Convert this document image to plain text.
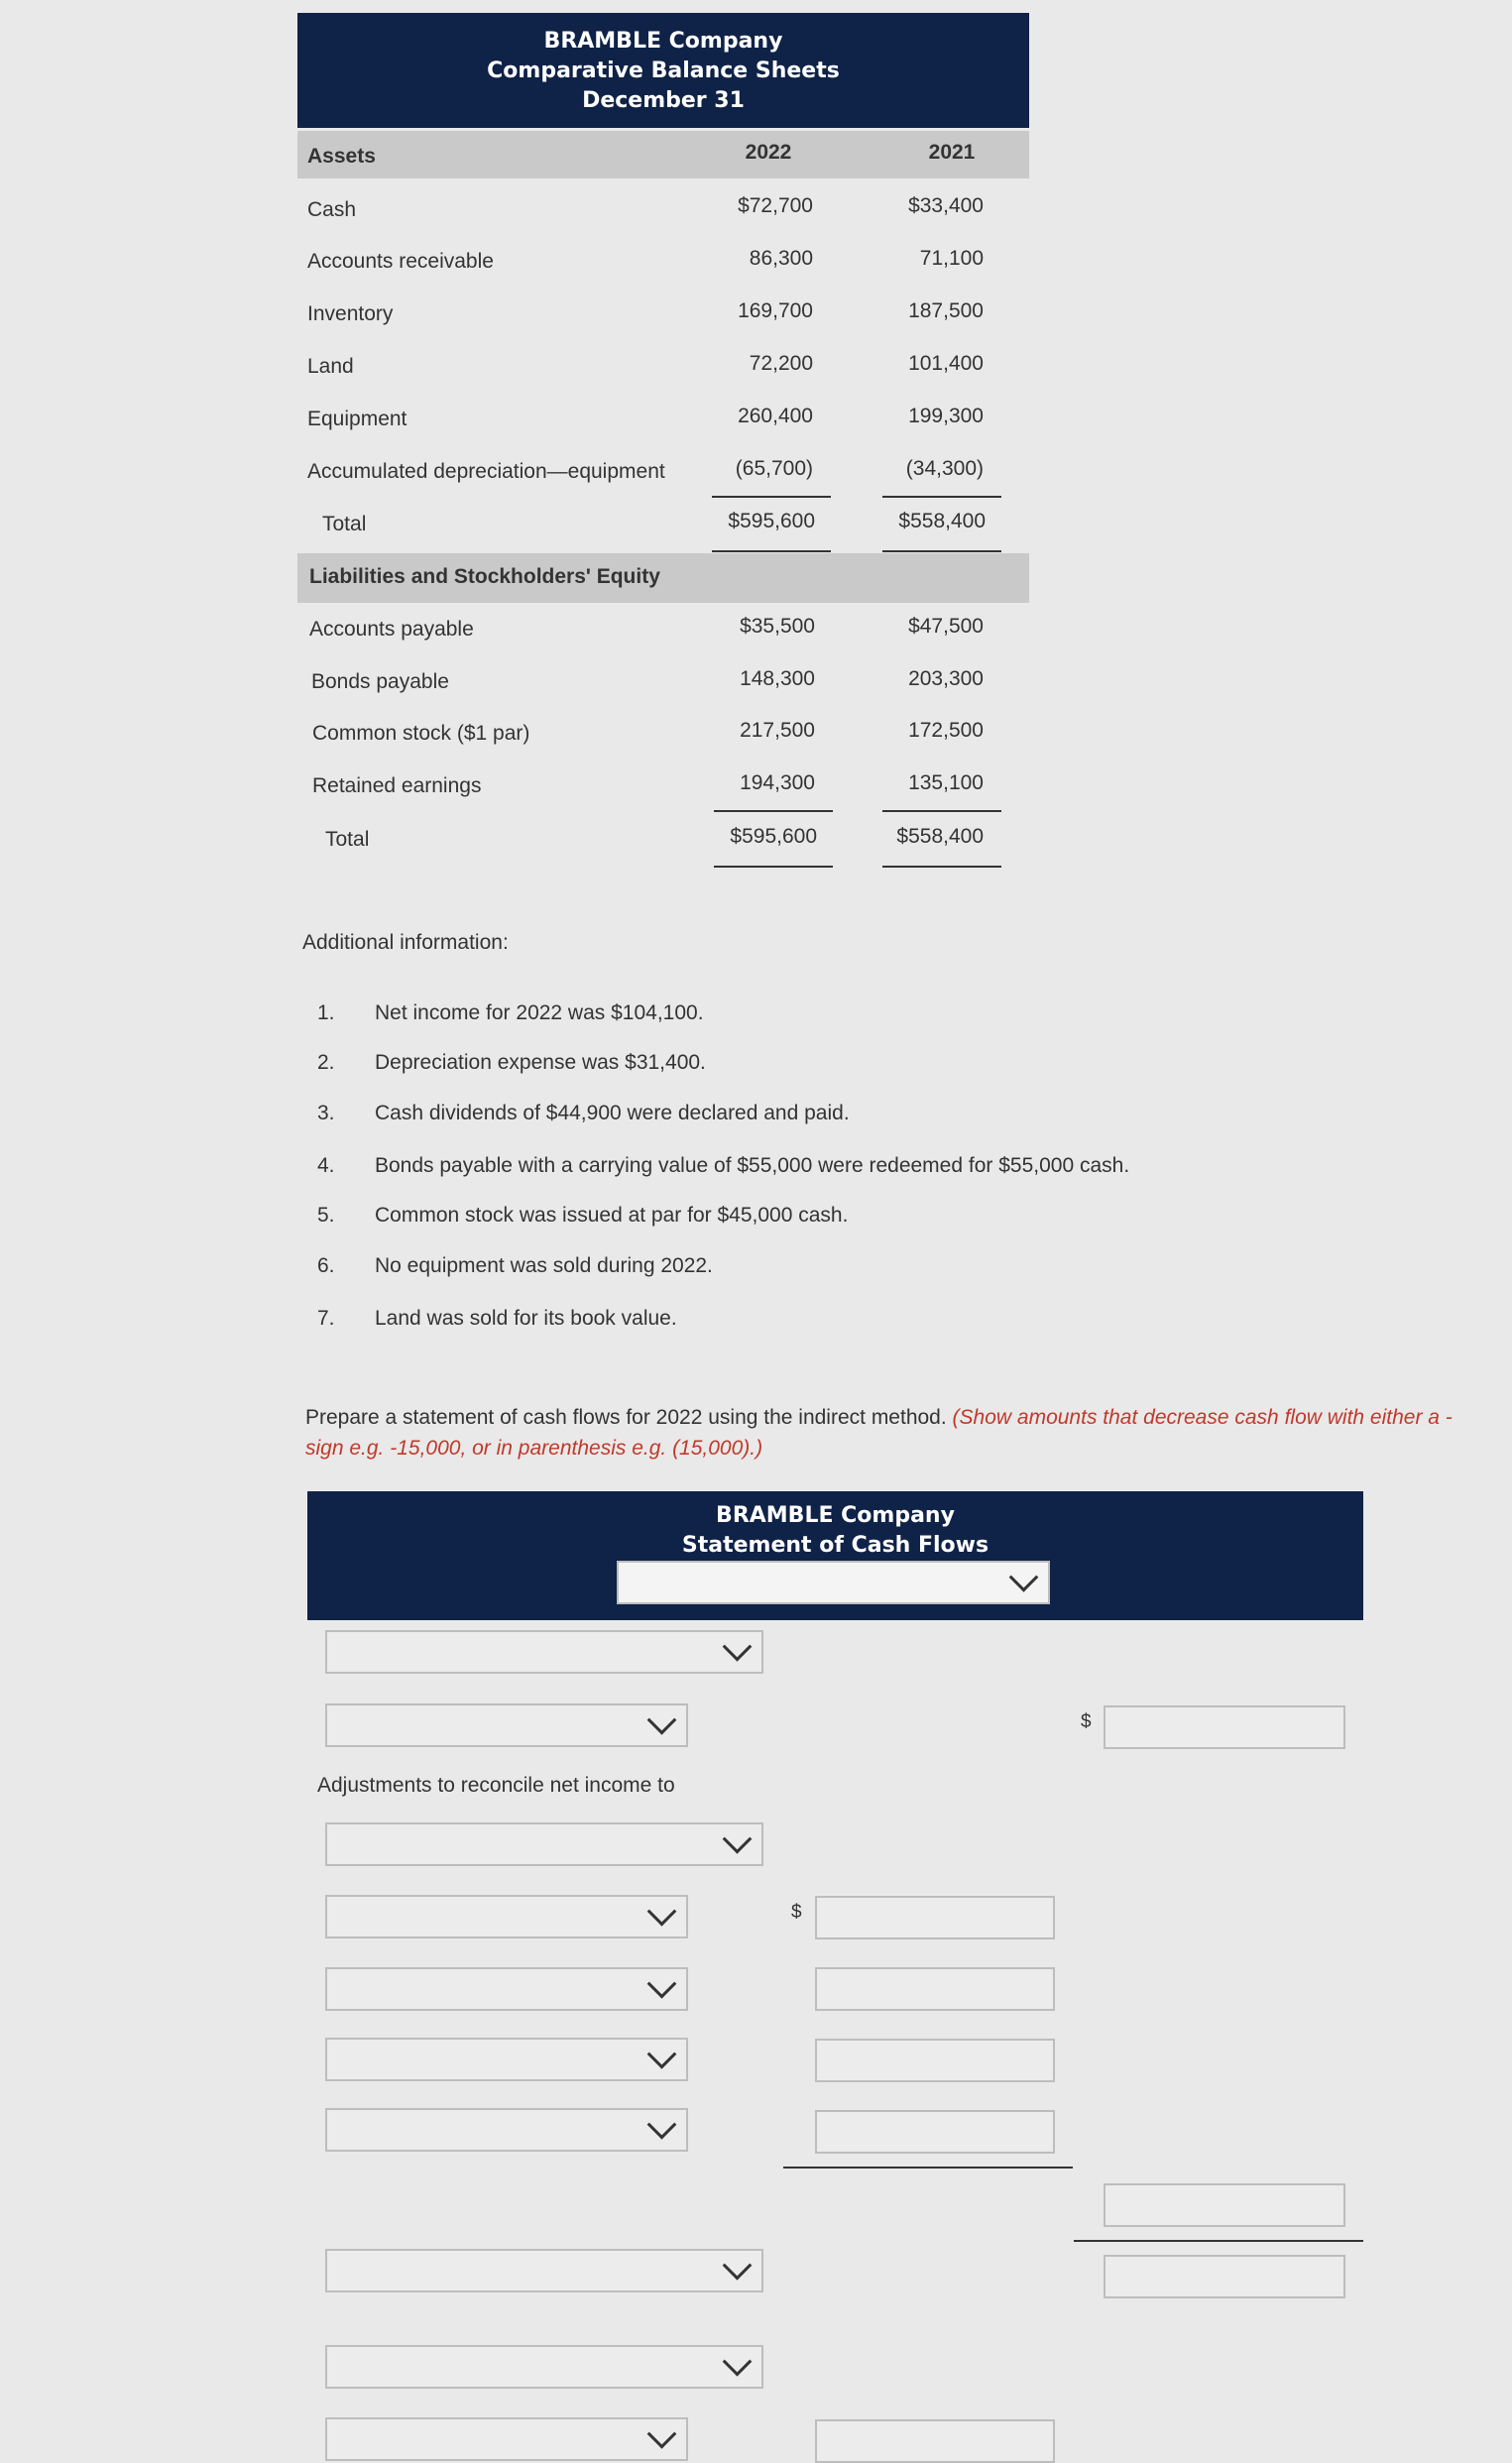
BRAMBLE Company
Comparative Balance Sheets
December 31
Assets	2022	2021
Cash	$72,700	$33,400
Accounts receivable	86,300	71,100
Inventory	169,700	187,500
Land	72,200	101,400
Equipment	260,400	199,300
Accumulated depreciation—equipment	(65,700)	(34,300)
Total	$595,600	$558,400
Liabilities and Stockholders' Equity
Accounts payable	$35,500	$47,500
Bonds payable	148,300	203,300
Common stock ($1 par)	217,500	172,500
Retained earnings	194,300	135,100
Total	$595,600	$558,400
Additional information:
1. Net income for 2022 was $104,100.
2. Depreciation expense was $31,400.
3. Cash dividends of $44,900 were declared and paid.
4. Bonds payable with a carrying value of $55,000 were redeemed for $55,000 cash.
5. Common stock was issued at par for $45,000 cash.
6. No equipment was sold during 2022.
7. Land was sold for its book value.
Prepare a statement of cash flows for 2022 using the indirect method. (Show amounts that decrease cash flow with either a - sign e.g. -15,000, or in parenthesis e.g. (15,000).)
BRAMBLE Company
Statement of Cash Flows
$
Adjustments to reconcile net income to
$
